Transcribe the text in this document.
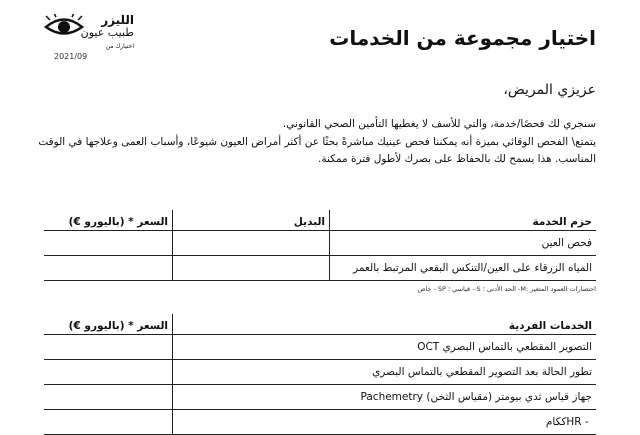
الليزر
طبيب عيون
اختيارك من
2021/09
اختيار مجموعة من الخدمات
عزيزي المريض،
سنجري لك فحصًا/خدمة، والتي للأسف لا يغطيها التأمين الصحي القانوني.
يتمتع\ الفحص الوقائي بميزة أنه يمكننا فحص عينيك مباشرةً بحثًا عن أكثر أمراض العيون شيوعًا، وأسباب العمى وعلاجها في الوقت المناسب. هذا يسمح لك بالحفاظ على بصرك لأطول فترة ممكنة.
حزم الخدمة	البديل	السعر * (باليورو €)
فحص العين		
المياه الزرقاء على العين/التنكس البقعي المرتبط بالعمر		
اختصارات العمود المتغير :M- الحد الأدنى ؛ S - قياسي ؛ SP - خاص
الخدمات الفردية	السعر * (باليورو €)
التصوير المقطعي بالتماس البصري OCT	
تطور الحالة بعد التصوير المقطعي بالتماس البصري	
جهاز قياس ثدي بيومتر (مقياس الثخن) Pachemetry	
HR ‎- ‎ككام	
